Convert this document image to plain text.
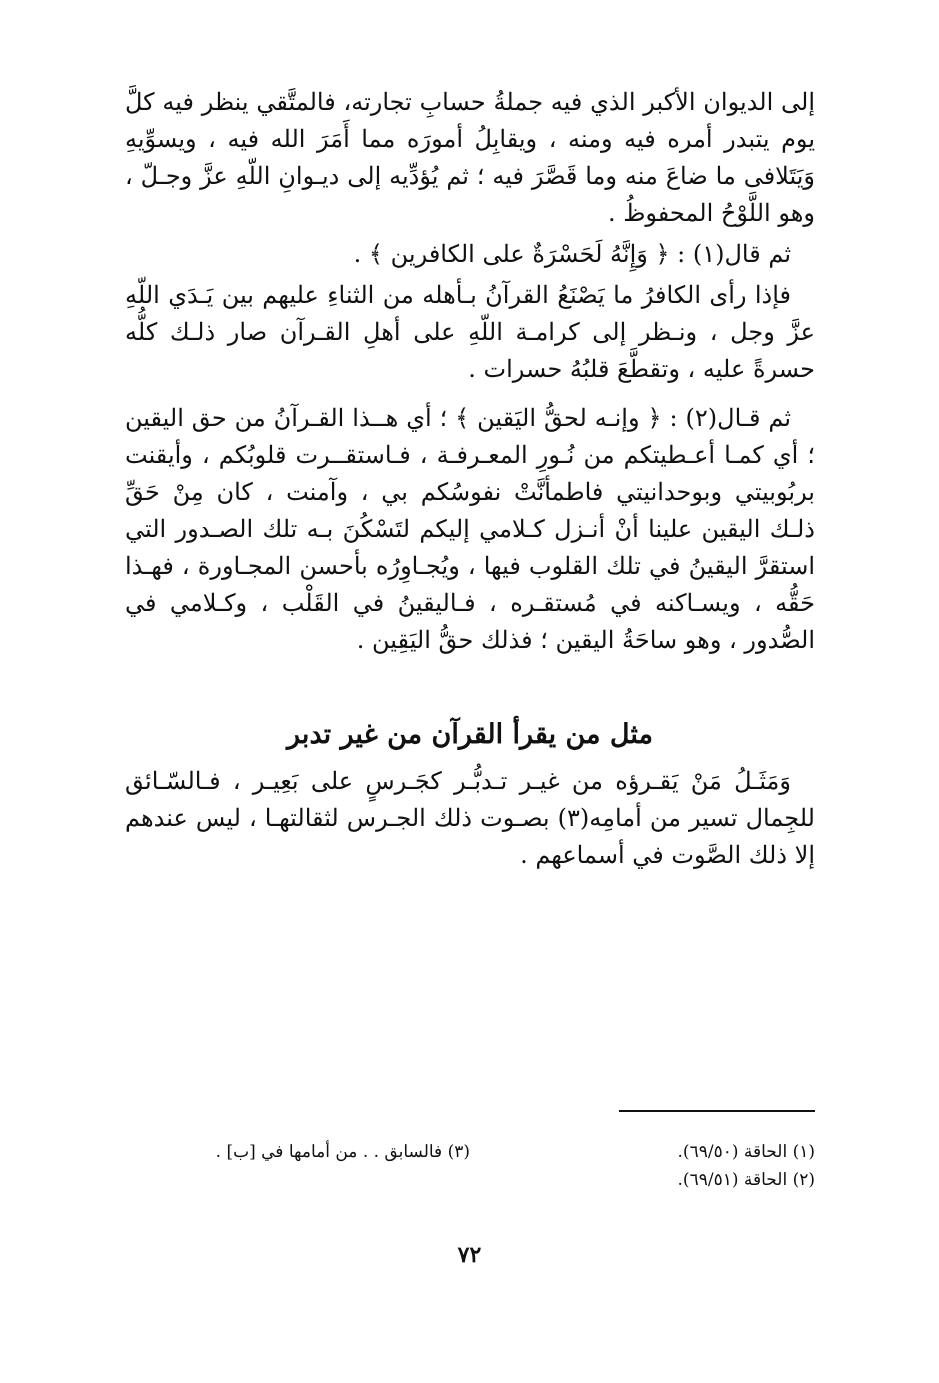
إلى الديوان الأكبر الذي فيه جملةُ حسابِ تجارته، فالمتَّقي ينظر فيه كلَّ يوم يتبدر أمره فيه ومنه ، ويقابِلُ أمورَه مما أَمَرَ الله فيه ، ويسوِّيهِ وَيَتَلافى ما ضاعَ منه وما قَصَّرَ فيه ؛ ثم يُؤدِّيه إلى ديـوانِ اللّهِ عزَّ وجـلّ ، وهو اللَّوْحُ المحفوظُ .

ثم قال(١) : ﴿ وَإِنَّهُ لَحَسْرَةٌ على الكافرين ﴾ .

فإذا رأى الكافرُ ما يَصْنَعُ القرآنُ بـأهله من الثناءِ عليهم بين يَـدَي اللّهِ عزَّ وجل ، ونـظر إلى كرامـة اللّهِ على أهلِ القـرآن صار ذلـك كلُّه حسرةً عليه ، وتقطَّعَ قلبُهُ حسرات .

ثم قـال(٢) : ﴿ وإنـه لحقُّ اليَقين ﴾ ؛ أي هــذا القـرآنُ من حق اليقين ؛ أي كمـا أعـطيتكم من نُـورِ المعـرفـة ، فـاستقــرت قلوبُكم ، وأيقنت بربُوبيتي وبوحدانيتي فاطمأنَّتْ نفوسُكم بي ، وآمنت ، كان مِنْ حَقِّ ذلـك اليقين علينا أنْ أنـزل كـلامي إليكم لتَسْكُنَ بـه تلك الصـدور التي استقرَّ اليقينُ في تلك القلوب فيها ، ويُجـاوِرُه بأحسن المجـاورة ، فهـذا حَقُّه ، ويسـاكنه في مُستقـره ، فـاليقينُ في القَلْب ، وكـلامي في الصُّدور ، وهو ساحَةُ اليقين ؛ فذلك حقُّ اليَقِين .

مثل من يقرأ القرآن من غير تدبر

وَمَثَـلُ مَنْ يَقـرؤه من غيـر تـدبُّـر كجَـرسٍ على بَعِيـر ، فـالسّـائق للجِمال تسير من أمامِه(٣) بصـوت ذلك الجـرس لثقالتهـا ، ليس عندهم إلا ذلك الصَّوت في أسماعهم .

(١) الحاقة (٦٩/٥٠).
(٣) فالسابق . . من أمامها في [ب] .
(٢) الحاقة (٦٩/٥١).
٧٢
